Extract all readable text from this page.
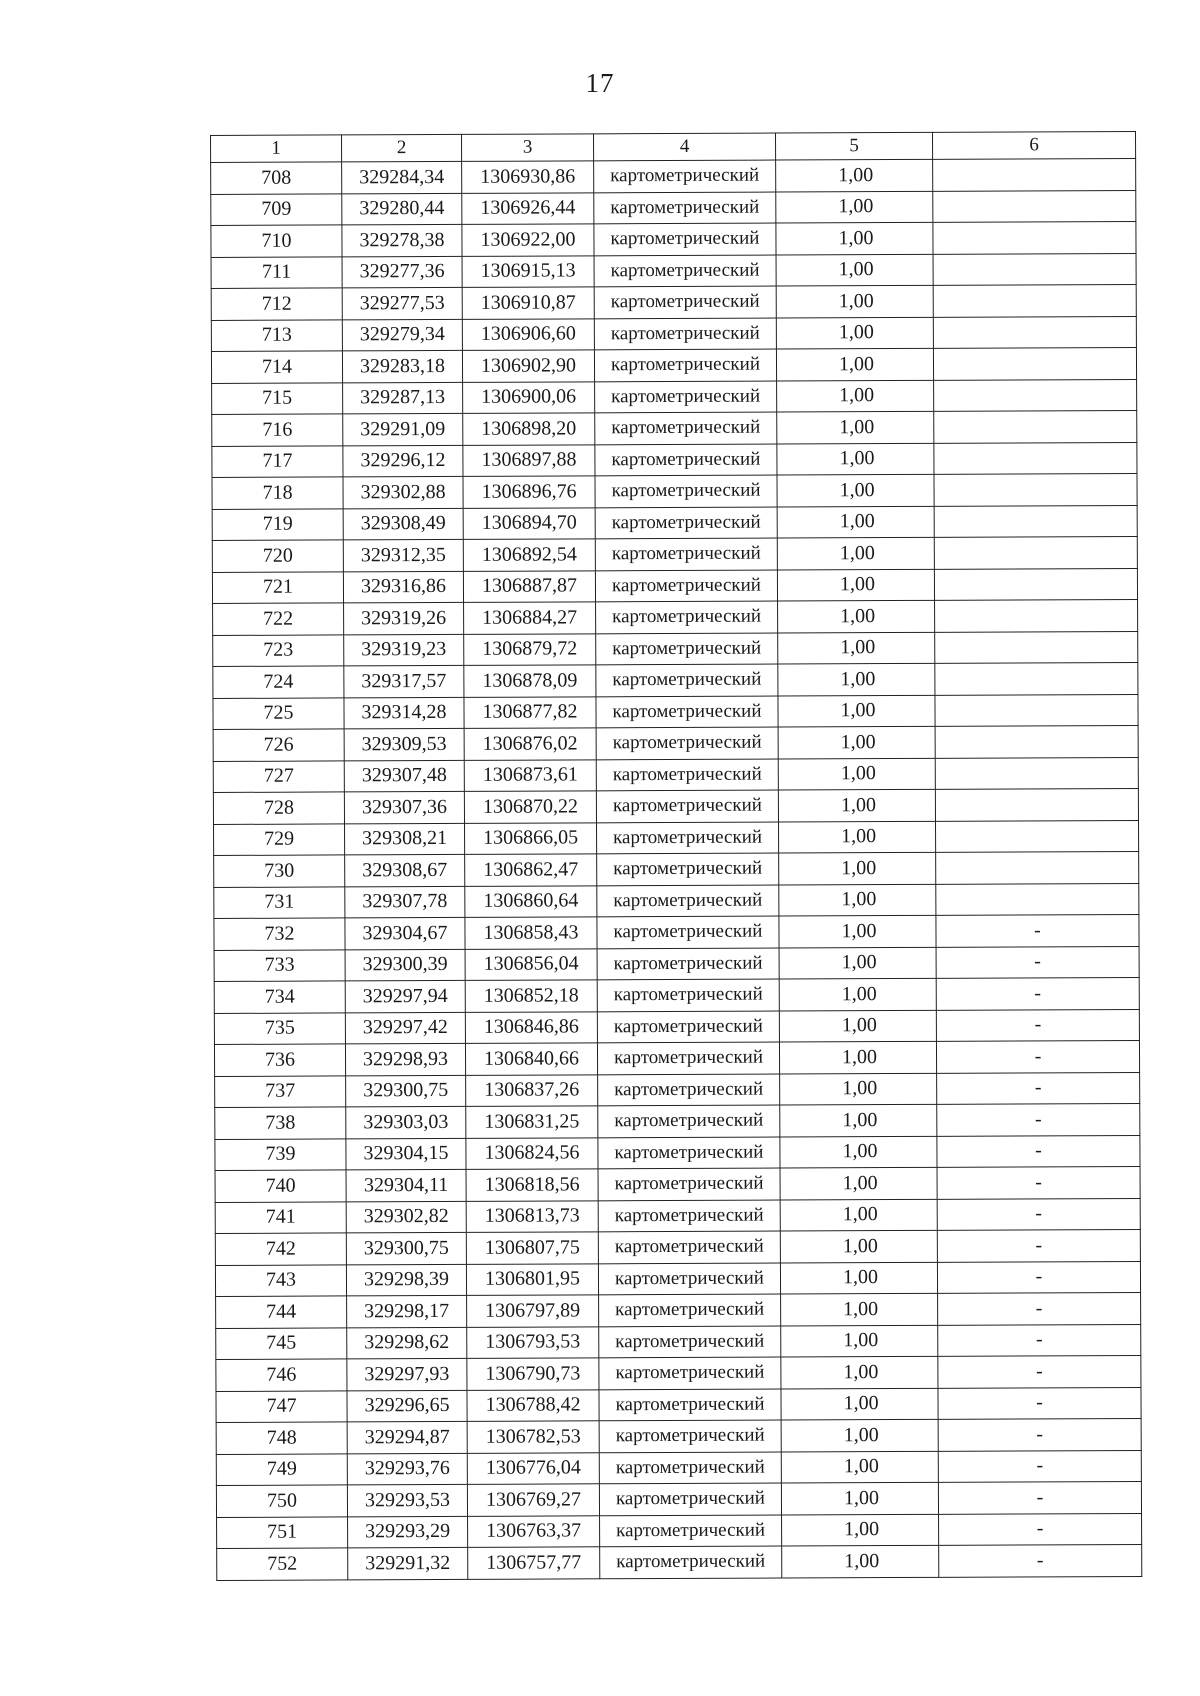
17
1	2	3	4	5	6
708	329284,34	1306930,86	картометрический	1,00	
709	329280,44	1306926,44	картометрический	1,00	
710	329278,38	1306922,00	картометрический	1,00	
711	329277,36	1306915,13	картометрический	1,00	
712	329277,53	1306910,87	картометрический	1,00	
713	329279,34	1306906,60	картометрический	1,00	
714	329283,18	1306902,90	картометрический	1,00	
715	329287,13	1306900,06	картометрический	1,00	
716	329291,09	1306898,20	картометрический	1,00	
717	329296,12	1306897,88	картометрический	1,00	
718	329302,88	1306896,76	картометрический	1,00	
719	329308,49	1306894,70	картометрический	1,00	
720	329312,35	1306892,54	картометрический	1,00	
721	329316,86	1306887,87	картометрический	1,00	
722	329319,26	1306884,27	картометрический	1,00	
723	329319,23	1306879,72	картометрический	1,00	
724	329317,57	1306878,09	картометрический	1,00	
725	329314,28	1306877,82	картометрический	1,00	
726	329309,53	1306876,02	картометрический	1,00	
727	329307,48	1306873,61	картометрический	1,00	
728	329307,36	1306870,22	картометрический	1,00	
729	329308,21	1306866,05	картометрический	1,00	
730	329308,67	1306862,47	картометрический	1,00	
731	329307,78	1306860,64	картометрический	1,00	
732	329304,67	1306858,43	картометрический	1,00	-
733	329300,39	1306856,04	картометрический	1,00	-
734	329297,94	1306852,18	картометрический	1,00	-
735	329297,42	1306846,86	картометрический	1,00	-
736	329298,93	1306840,66	картометрический	1,00	-
737	329300,75	1306837,26	картометрический	1,00	-
738	329303,03	1306831,25	картометрический	1,00	-
739	329304,15	1306824,56	картометрический	1,00	-
740	329304,11	1306818,56	картометрический	1,00	-
741	329302,82	1306813,73	картометрический	1,00	-
742	329300,75	1306807,75	картометрический	1,00	-
743	329298,39	1306801,95	картометрический	1,00	-
744	329298,17	1306797,89	картометрический	1,00	-
745	329298,62	1306793,53	картометрический	1,00	-
746	329297,93	1306790,73	картометрический	1,00	-
747	329296,65	1306788,42	картометрический	1,00	-
748	329294,87	1306782,53	картометрический	1,00	-
749	329293,76	1306776,04	картометрический	1,00	-
750	329293,53	1306769,27	картометрический	1,00	-
751	329293,29	1306763,37	картометрический	1,00	-
752	329291,32	1306757,77	картометрический	1,00	-
